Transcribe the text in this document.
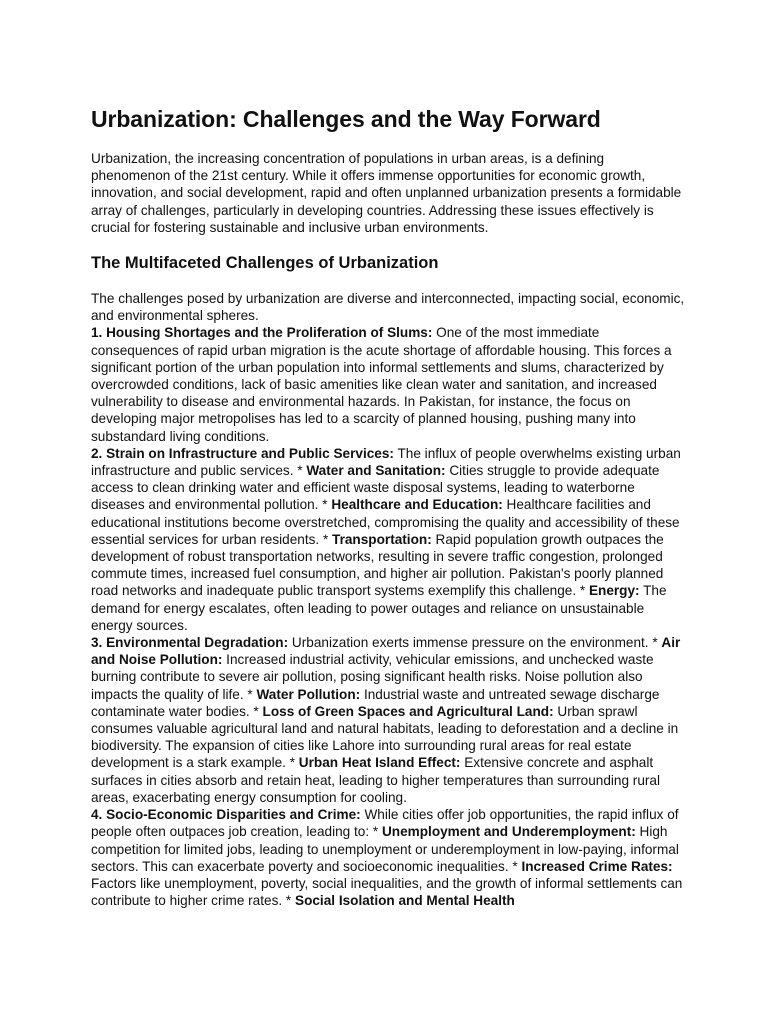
Urbanization: Challenges and the Way Forward

Urbanization, the increasing concentration of populations in urban areas, is a defining phenomenon of the 21st century. While it offers immense opportunities for economic growth, innovation, and social development, rapid and often unplanned urbanization presents a formidable array of challenges, particularly in developing countries. Addressing these issues effectively is crucial for fostering sustainable and inclusive urban environments.

The Multifaceted Challenges of Urbanization

The challenges posed by urbanization are diverse and interconnected, impacting social, economic, and environmental spheres.

1. Housing Shortages and the Proliferation of Slums: One of the most immediate consequences of rapid urban migration is the acute shortage of affordable housing. This forces a significant portion of the urban population into informal settlements and slums, characterized by overcrowded conditions, lack of basic amenities like clean water and sanitation, and increased vulnerability to disease and environmental hazards. In Pakistan, for instance, the focus on developing major metropolises has led to a scarcity of planned housing, pushing many into substandard living conditions.

2. Strain on Infrastructure and Public Services: The influx of people overwhelms existing urban infrastructure and public services. * Water and Sanitation: Cities struggle to provide adequate access to clean drinking water and efficient waste disposal systems, leading to waterborne diseases and environmental pollution. * Healthcare and Education: Healthcare facilities and educational institutions become overstretched, compromising the quality and accessibility of these essential services for urban residents. * Transportation: Rapid population growth outpaces the development of robust transportation networks, resulting in severe traffic congestion, prolonged commute times, increased fuel consumption, and higher air pollution. Pakistan's poorly planned road networks and inadequate public transport systems exemplify this challenge. * Energy: The demand for energy escalates, often leading to power outages and reliance on unsustainable energy sources.

3. Environmental Degradation: Urbanization exerts immense pressure on the environment. * Air and Noise Pollution: Increased industrial activity, vehicular emissions, and unchecked waste burning contribute to severe air pollution, posing significant health risks. Noise pollution also impacts the quality of life. * Water Pollution: Industrial waste and untreated sewage discharge contaminate water bodies. * Loss of Green Spaces and Agricultural Land: Urban sprawl consumes valuable agricultural land and natural habitats, leading to deforestation and a decline in biodiversity. The expansion of cities like Lahore into surrounding rural areas for real estate development is a stark example. * Urban Heat Island Effect: Extensive concrete and asphalt surfaces in cities absorb and retain heat, leading to higher temperatures than surrounding rural areas, exacerbating energy consumption for cooling.

4. Socio-Economic Disparities and Crime: While cities offer job opportunities, the rapid influx of people often outpaces job creation, leading to: * Unemployment and Underemployment: High competition for limited jobs, leading to unemployment or underemployment in low-paying, informal sectors. This can exacerbate poverty and socioeconomic inequalities. * Increased Crime Rates: Factors like unemployment, poverty, social inequalities, and the growth of informal settlements can contribute to higher crime rates. * Social Isolation and Mental Health
